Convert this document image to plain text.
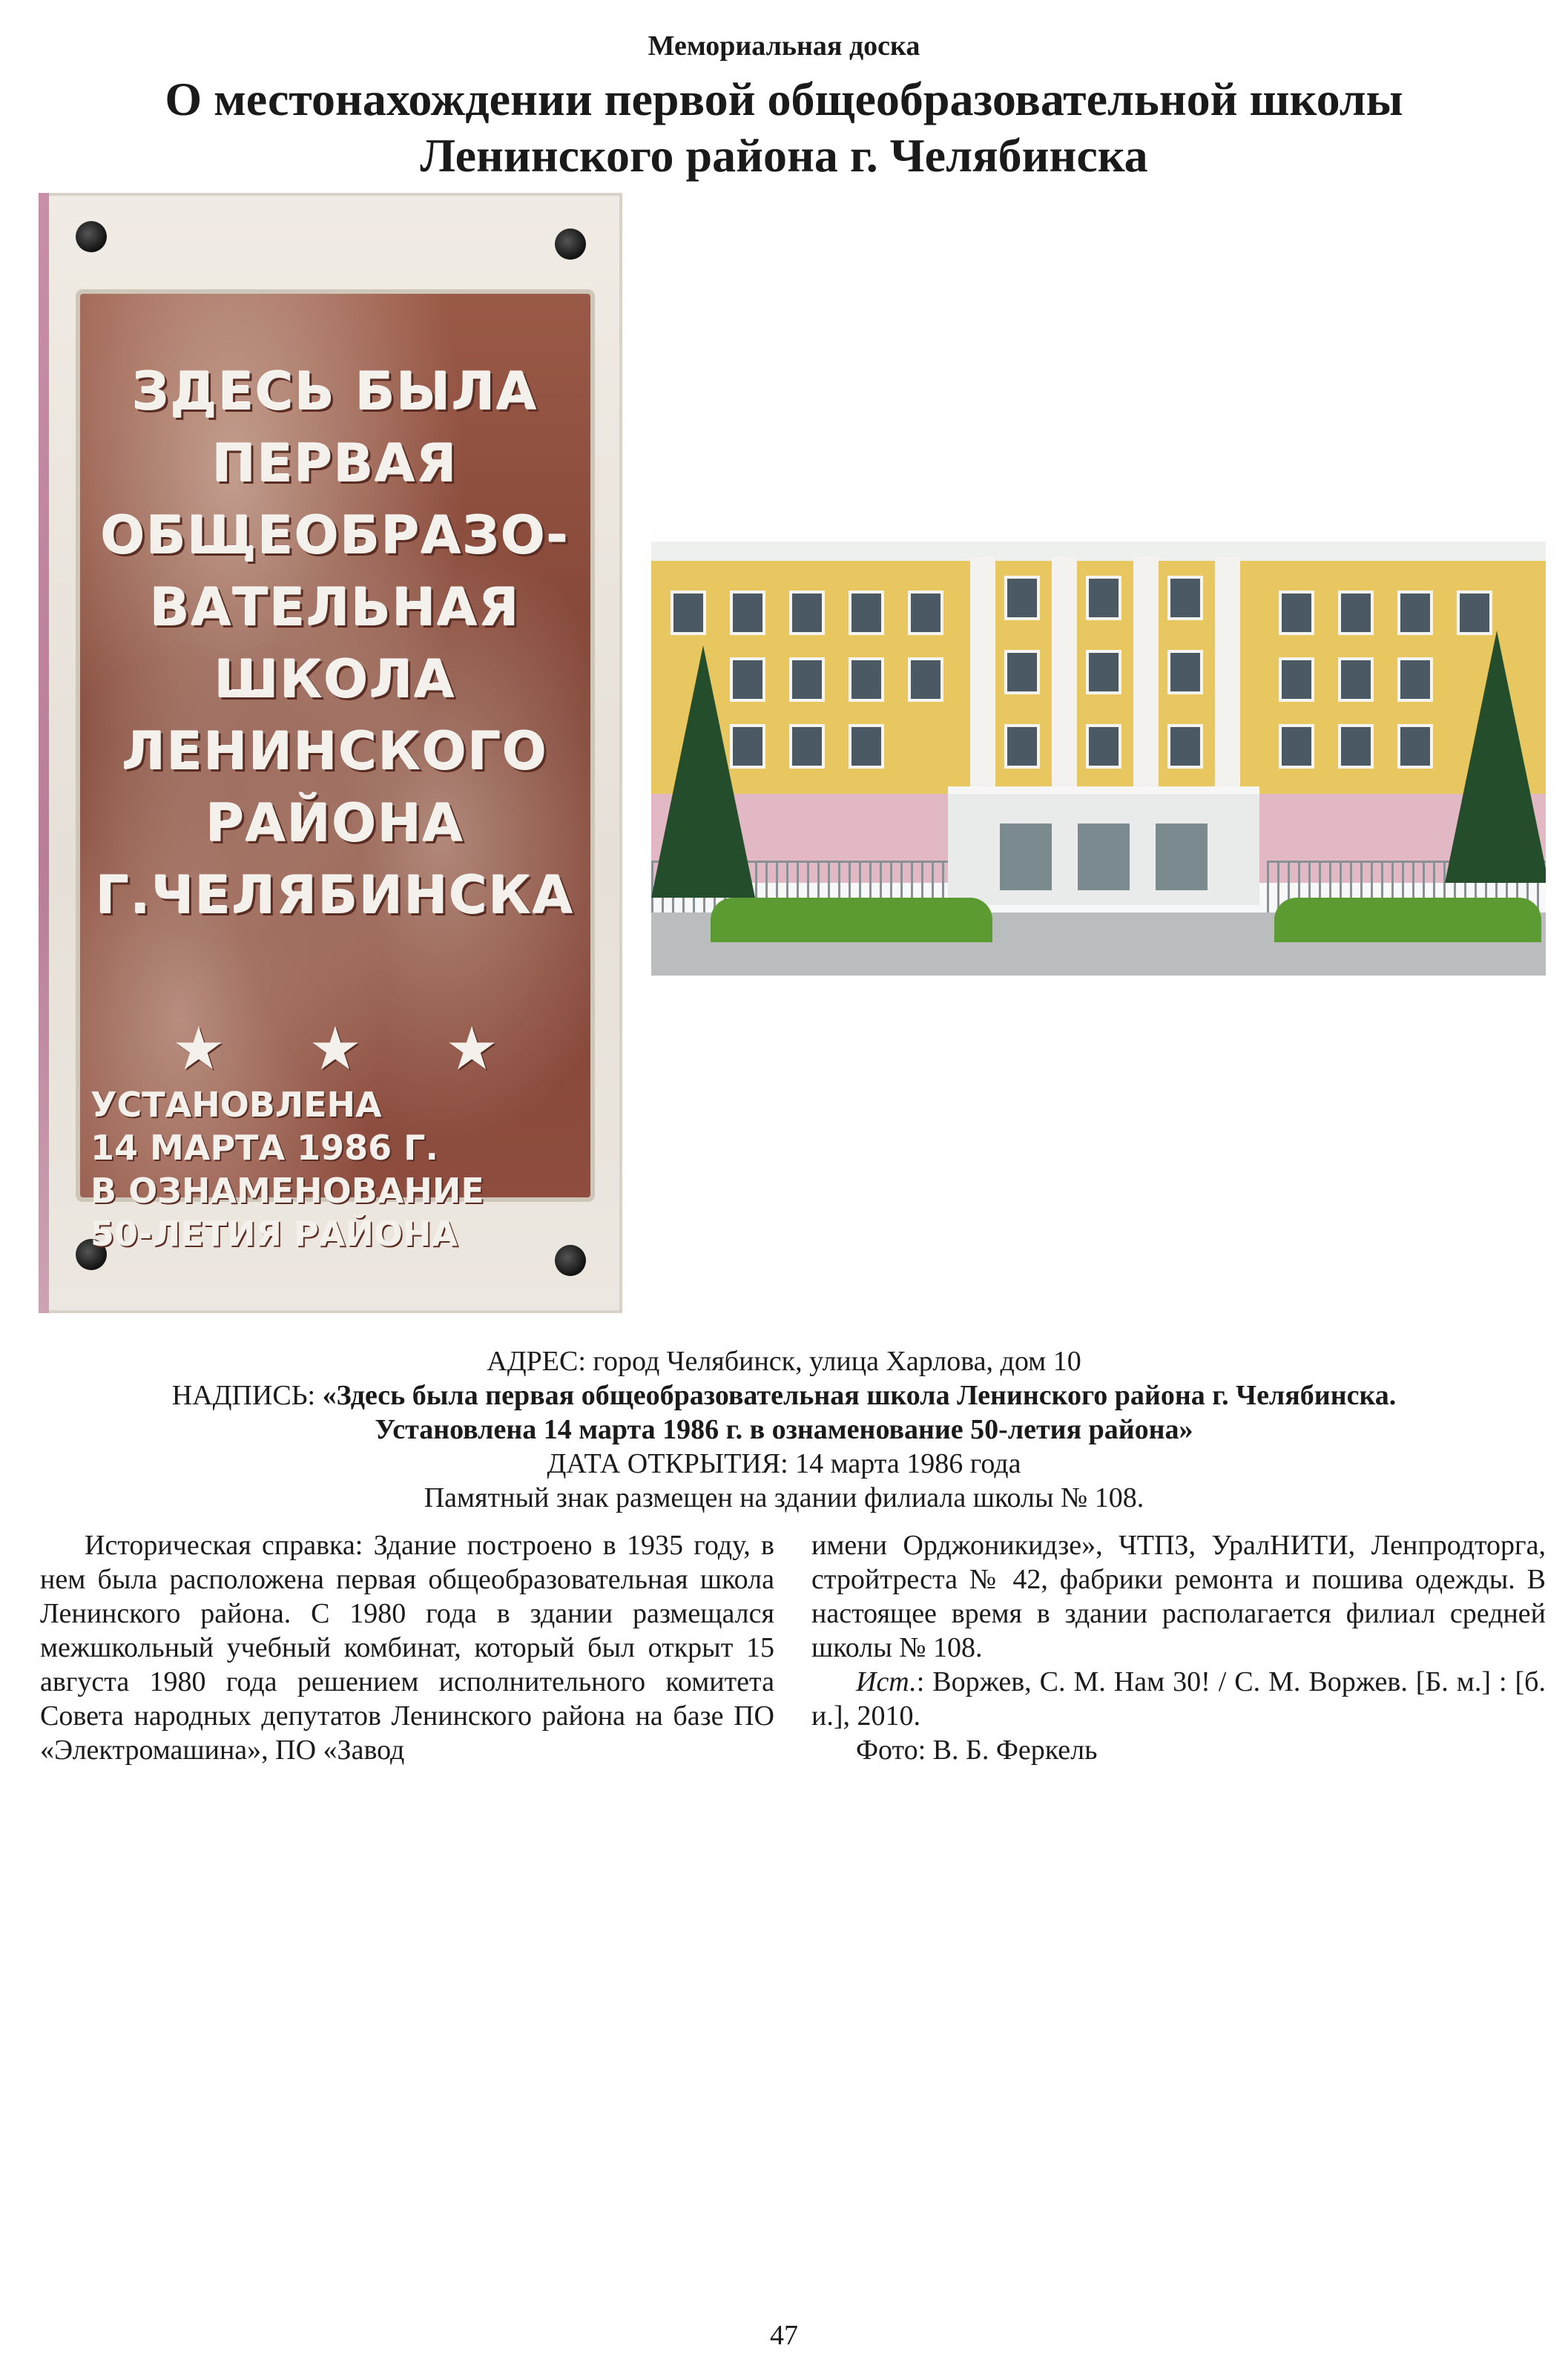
Мемориальная доска
О местонахождении первой общеобразовательной школы
Ленинского района г. Челябинска
ЗДЕСЬ БЫЛА
ПЕРВАЯ
ОБЩЕОБРАЗО-
ВАТЕЛЬНАЯ
ШКОЛА
ЛЕНИНСКОГО
РАЙОНА
Г.ЧЕЛЯБИНСКА
★ ★ ★
УСТАНОВЛЕНА
14 МАРТА 1986 Г.
В ОЗНАМЕНОВАНИЕ
50-ЛЕТИЯ РАЙОНА
АДРЕС: город Челябинск, улица Харлова, дом 10
НАДПИСЬ: «Здесь была первая общеобразовательная школа Ленинского района г. Челябинска.
Установлена 14 марта 1986 г. в ознаменование 50-летия района»
ДАТА ОТКРЫТИЯ: 14 марта 1986 года
Памятный знак размещен на здании филиала школы № 108.

Историческая справка: Здание построено в 1935 году, в нем была расположена первая общеобразовательная школа Ленинского района. С 1980 года в здании размещался межшкольный учебный комбинат, который был открыт 15 августа 1980 года решением исполнительного комитета Совета народных депутатов Ленинского района на базе ПО «Электромашина», ПО «Завод

имени Орджоникидзе», ЧТПЗ, УралНИТИ, Ленпродторга, стройтреста № 42, фабрики ремонта и пошива одежды. В настоящее время в здании располагается филиал средней школы № 108.

Ист.: Воржев, С. М. Нам 30! / С. М. Воржев. [Б. м.] : [б. и.], 2010.

Фото: В. Б. Феркель

47
